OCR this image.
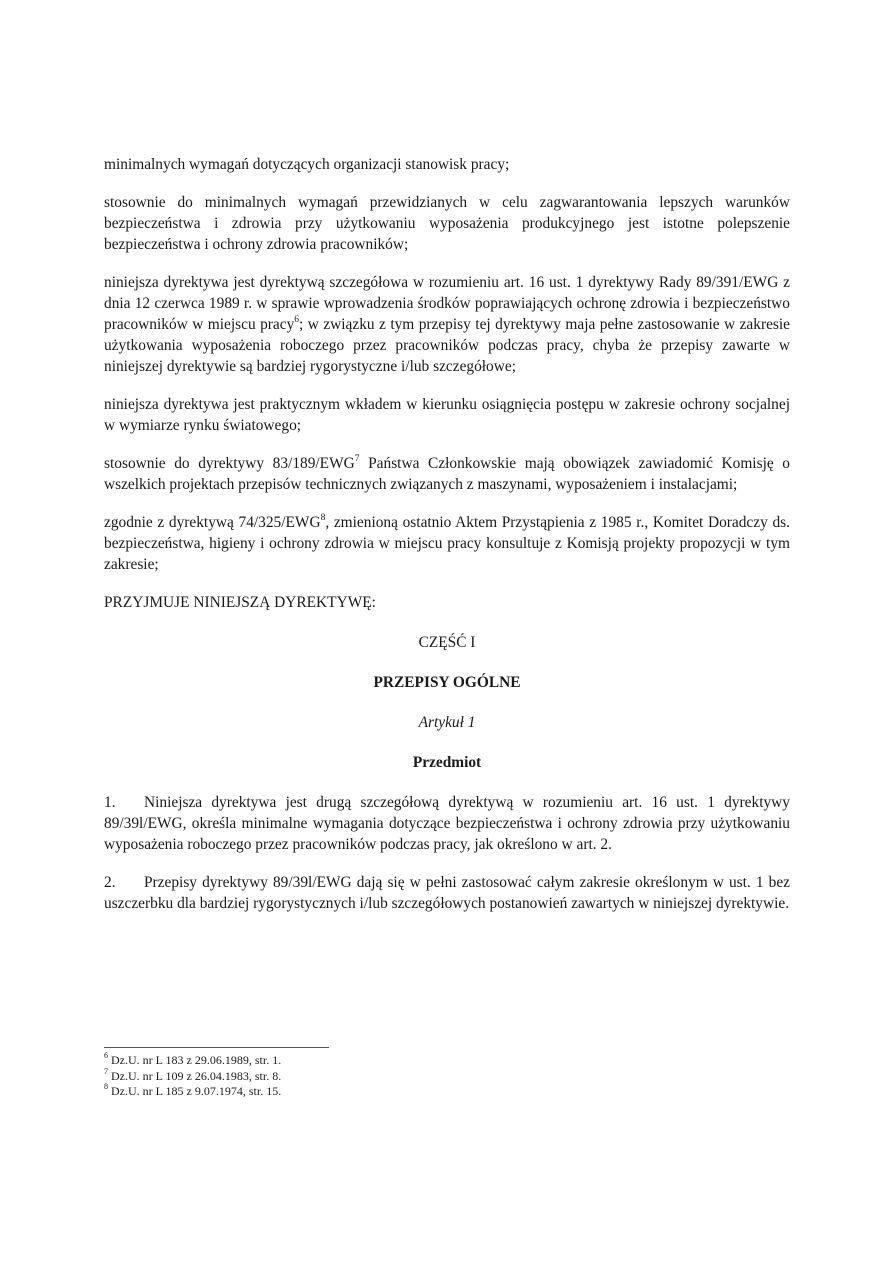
minimalnych wymagań dotyczących organizacji stanowisk pracy;

stosownie do minimalnych wymagań przewidzianych w celu zagwarantowania lepszych warunków bezpieczeństwa i zdrowia przy użytkowaniu wyposażenia produkcyjnego jest istotne polepszenie bezpieczeństwa i ochrony zdrowia pracowników;

niniejsza dyrektywa jest dyrektywą szczegółowa w rozumieniu art. 16 ust. 1 dyrektywy Rady 89/391/EWG z dnia 12 czerwca 1989 r. w sprawie wprowadzenia środków poprawiających ochronę zdrowia i bezpieczeństwo pracowników w miejscu pracy$^6$; w związku z tym przepisy tej dyrektywy maja pełne zastosowanie w zakresie użytkowania wyposażenia roboczego przez pracowników podczas pracy, chyba że przepisy zawarte w niniejszej dyrektywie są bardziej rygorystyczne i/lub szczegółowe;

niniejsza dyrektywa jest praktycznym wkładem w kierunku osiągnięcia postępu w zakresie ochrony socjalnej w wymiarze rynku światowego;

stosownie do dyrektywy 83/189/EWG$^7$ Państwa Członkowskie mają obowiązek zawiadomić Komisję o wszelkich projektach przepisów technicznych związanych z maszynami, wyposażeniem i instalacjami;

zgodnie z dyrektywą 74/325/EWG$^8$, zmienioną ostatnio Aktem Przystąpienia z 1985 r., Komitet Doradczy ds. bezpieczeństwa, higieny i ochrony zdrowia w miejscu pracy konsultuje z Komisją projekty propozycji w tym zakresie;

PRZYJMUJE NINIEJSZĄ DYREKTYWĘ:

CZĘŚĆ I

PRZEPISY OGÓLNE

Artykuł 1

Przedmiot

1. Niniejsza dyrektywa jest drugą szczegółową dyrektywą w rozumieniu art. 16 ust. 1 dyrektywy 89/39l/EWG, określa minimalne wymagania dotyczące bezpieczeństwa i ochrony zdrowia przy użytkowaniu wyposażenia roboczego przez pracowników podczas pracy, jak określono w art. 2.

2. Przepisy dyrektywy 89/39l/EWG dają się w pełni zastosować całym zakresie określonym w ust. 1 bez uszczerbku dla bardziej rygorystycznych i/lub szczegółowych postanowień zawartych w niniejszej dyrektywie.

$^6$ Dz.U. nr L 183 z 29.06.1989, str. 1.
$^7$ Dz.U. nr L 109 z 26.04.1983, str. 8.
$^8$ Dz.U. nr L 185 z 9.07.1974, str. 15.
